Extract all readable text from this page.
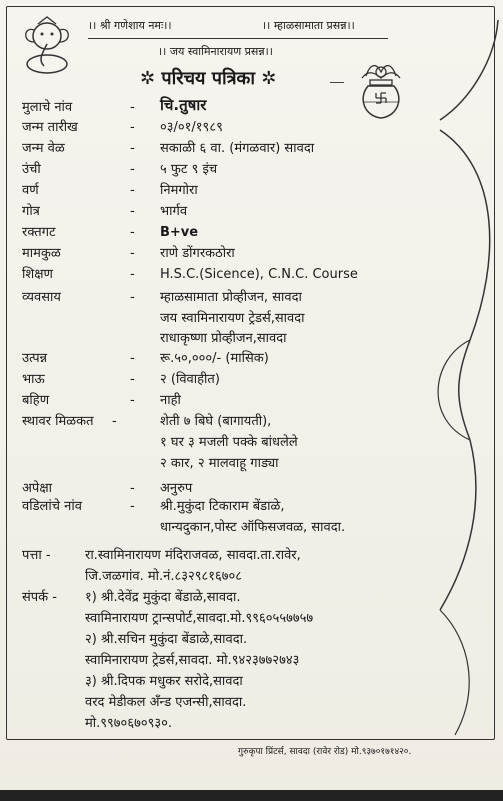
।। श्री गणेशाय नमः।।	।। म्हाळसामाता प्रसन्न।।
।। जय स्वामिनारायण प्रसन्न।।
✲ परिचय पत्रिका ✲
मुलाचे नांव	- चि.तुषार
जन्म तारीख	- ०३/०१/१९८९
जन्म वेळ	- सकाळी ६ वा. (मंगळवार) सावदा
उंची	- ५ फुट ९ इंच
वर्ण	- निमगोरा
गोत्र	- भार्गव
रक्तगट	- B+ve
मामकुळ	- राणे डोंगरकठोरा
शिक्षण	- H.S.C.(Sicence), C.N.C. Course
व्यवसाय	- म्हाळसामाता प्रोव्हीजन, सावदा
जय स्वामिनारायण ट्रेडर्स,सावदा
राधाकृष्णा प्रोव्हीजन,सावदा
उत्पन्न	- रू.५०,०००/- (मासिक)
भाऊ	- २ (विवाहीत)
बहिण	- नाही
स्थावर मिळकत -	शेती ७ बिघे (बागायती),
१ घर ३ मजली पक्के बांधलेले
२ कार, २ मालवाहू गाड्या
अपेक्षा	- अनुरुप
वडिलांचे नांव	- श्री.मुकुंदा टिकाराम बेंडाळे,
धान्यदुकान,पोस्ट ऑफिसजवळ, सावदा.
पत्ता -	रा.स्वामिनारायण मंदिराजवळ, सावदा.ता.रावेर,
जि.जळगांव. मो.नं.८३२९८१६७०८
संपर्क - १) श्री.देवेंद्र मुकुंदा बेंडाळे,सावदा.
स्वामिनारायण ट्रान्सपोर्ट,सावदा.मो.९९६०५५७७५७
२) श्री.सचिन मुकुंदा बेंडाळे,सावदा.
स्वामिनारायण ट्रेडर्स,सावदा. मो.९४२३७७२७४३
३) श्री.दिपक मधुकर सरोदे,सावदा
वरद मेडीकल अँन्ड एजन्सी,सावदा.
मो.९९७०६७०९३०.
गुरुकृपा प्रिंटर्स, सावदा (रावेर रोड) मो.९३७०१७१४२०.
